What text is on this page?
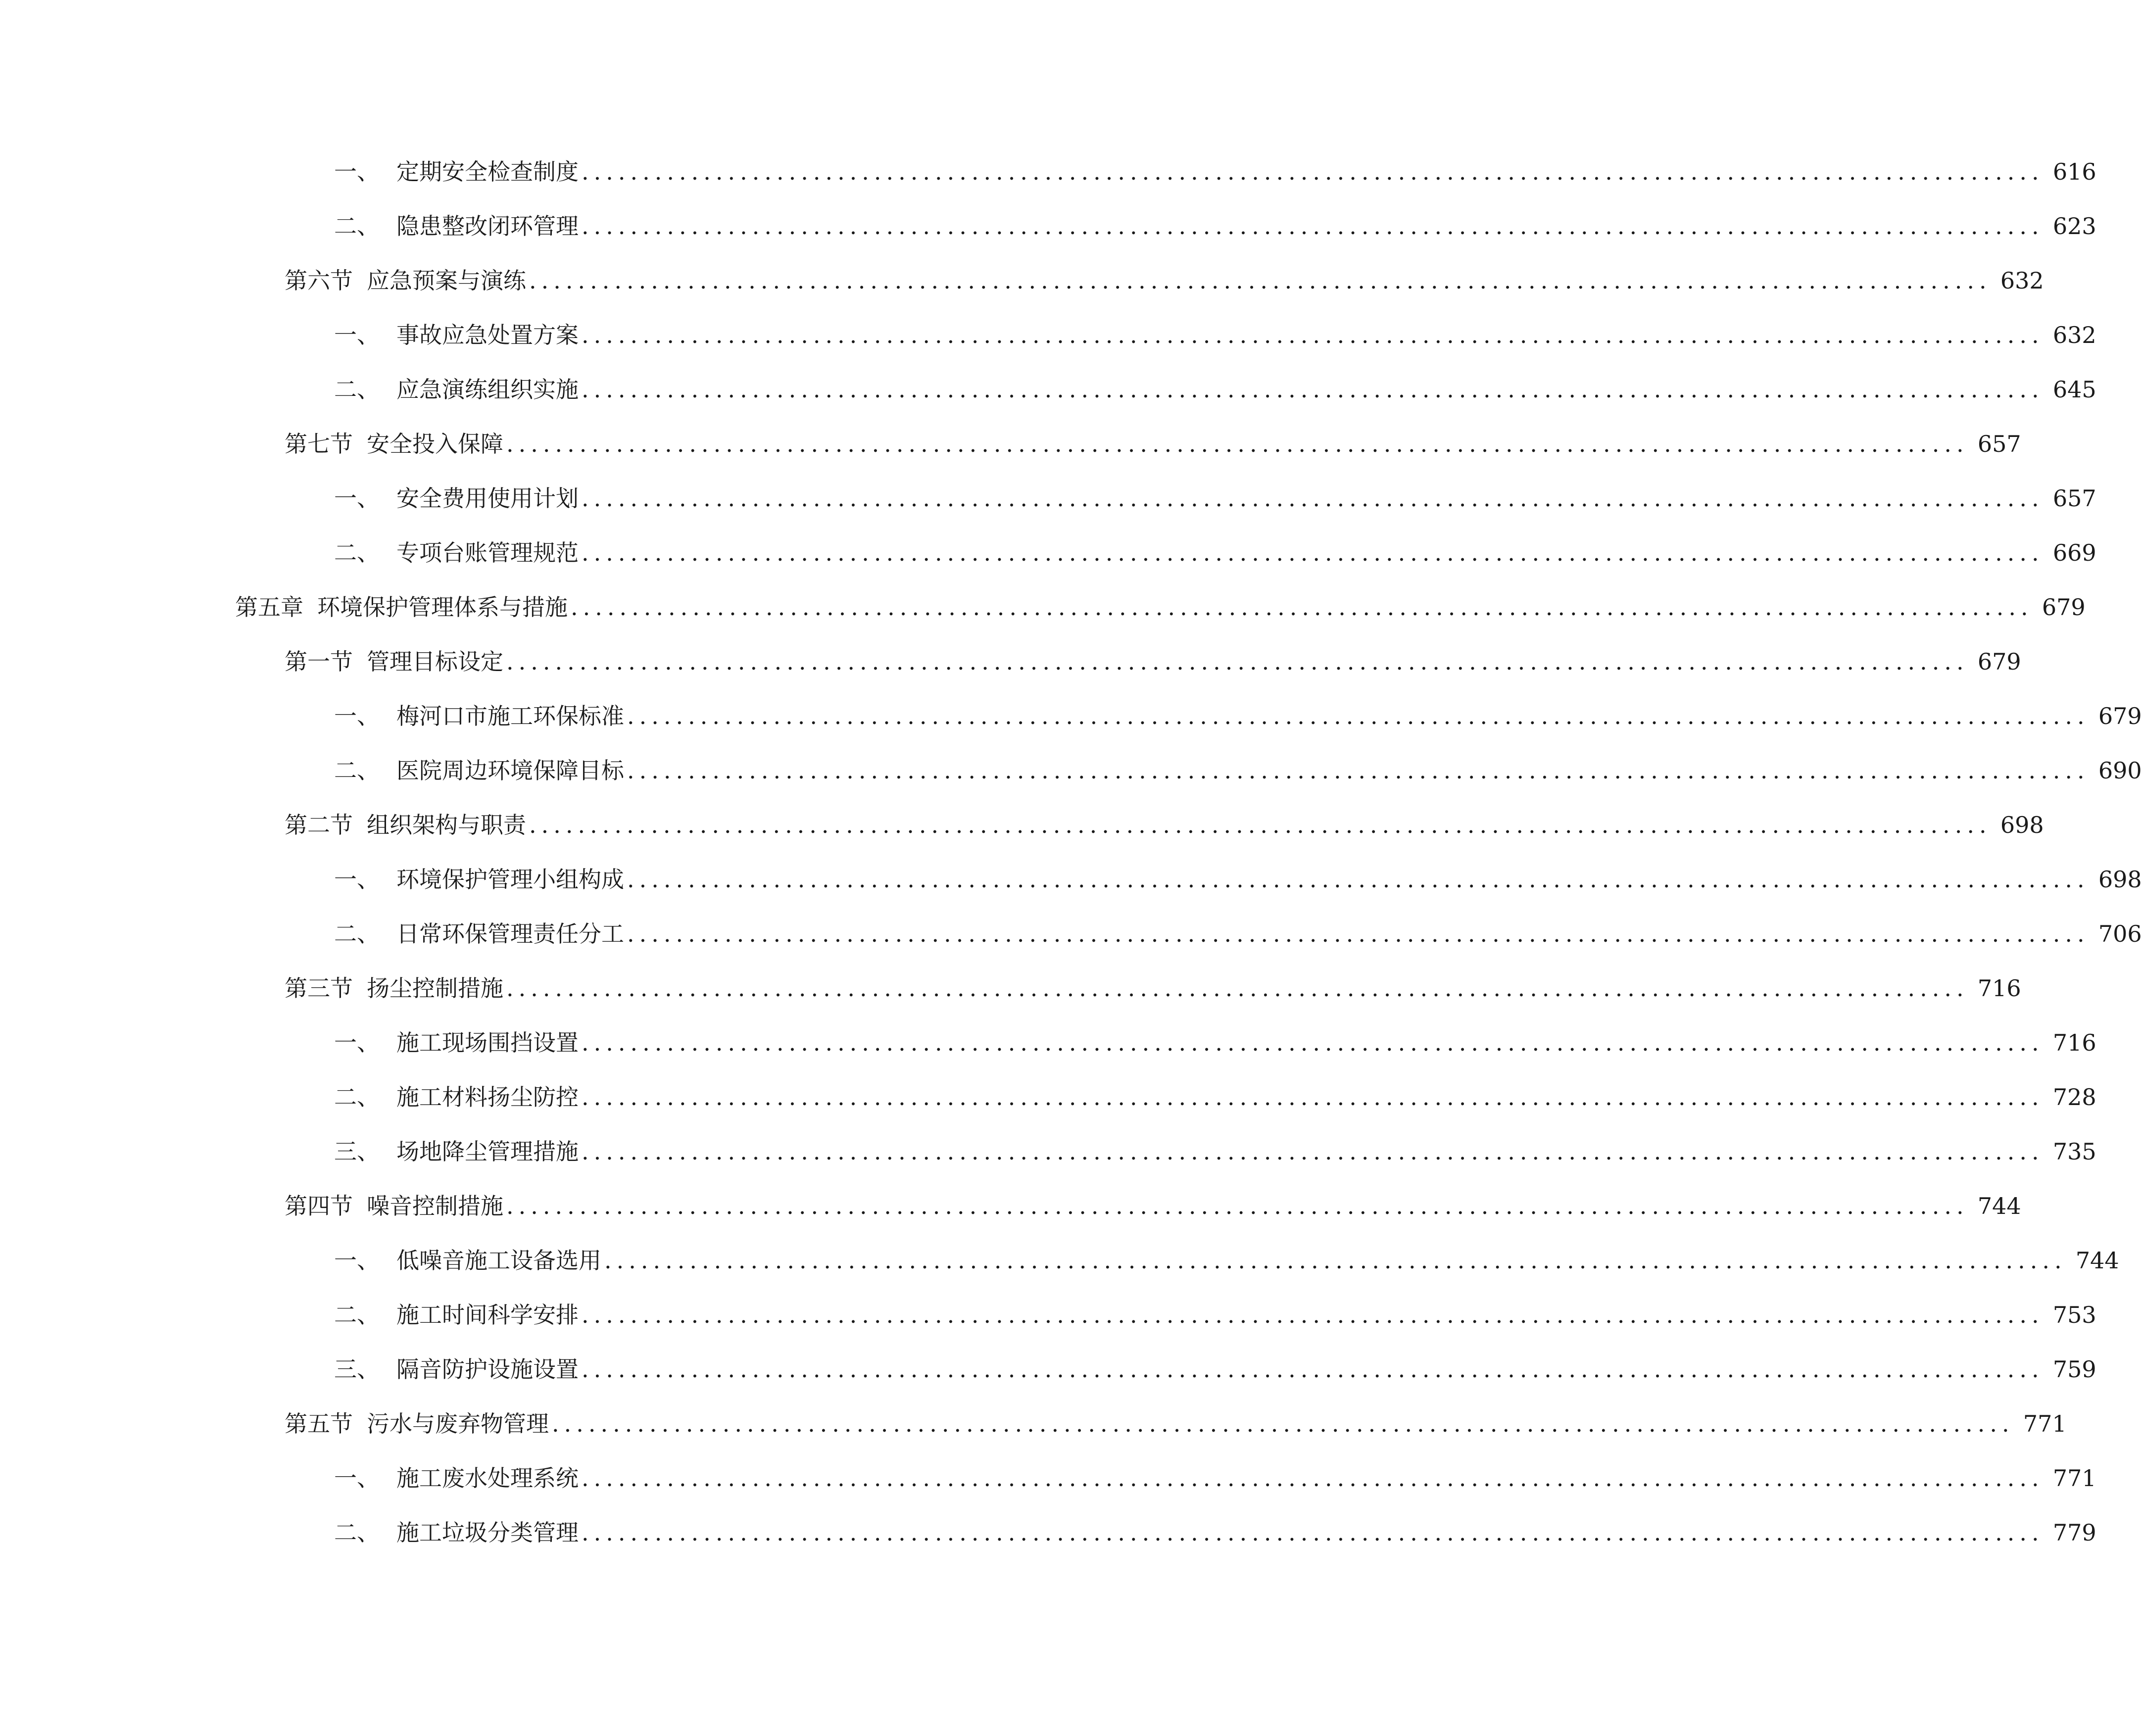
一、 定期安全检查制度 ........................................................................................................................ 616
二、 隐患整改闭环管理 ........................................................................................................................ 623
第六节 应急预案与演练 ........................................................................................................................ 632
一、 事故应急处置方案 ........................................................................................................................ 632
二、 应急演练组织实施 ........................................................................................................................ 645
第七节 安全投入保障 ........................................................................................................................ 657
一、 安全费用使用计划 ........................................................................................................................ 657
二、 专项台账管理规范 ........................................................................................................................ 669
第五章 环境保护管理体系与措施 ........................................................................................................................ 679
第一节 管理目标设定 ........................................................................................................................ 679
一、 梅河口市施工环保标准 ........................................................................................................................ 679
二、 医院周边环境保障目标 ........................................................................................................................ 690
第二节 组织架构与职责 ........................................................................................................................ 698
一、 环境保护管理小组构成 ........................................................................................................................ 698
二、 日常环保管理责任分工 ........................................................................................................................ 706
第三节 扬尘控制措施 ........................................................................................................................ 716
一、 施工现场围挡设置 ........................................................................................................................ 716
二、 施工材料扬尘防控 ........................................................................................................................ 728
三、 场地降尘管理措施 ........................................................................................................................ 735
第四节 噪音控制措施 ........................................................................................................................ 744
一、 低噪音施工设备选用 ........................................................................................................................ 744
二、 施工时间科学安排 ........................................................................................................................ 753
三、 隔音防护设施设置 ........................................................................................................................ 759
第五节 污水与废弃物管理 ........................................................................................................................ 771
一、 施工废水处理系统 ........................................................................................................................ 771
二、 施工垃圾分类管理 ........................................................................................................................ 779
